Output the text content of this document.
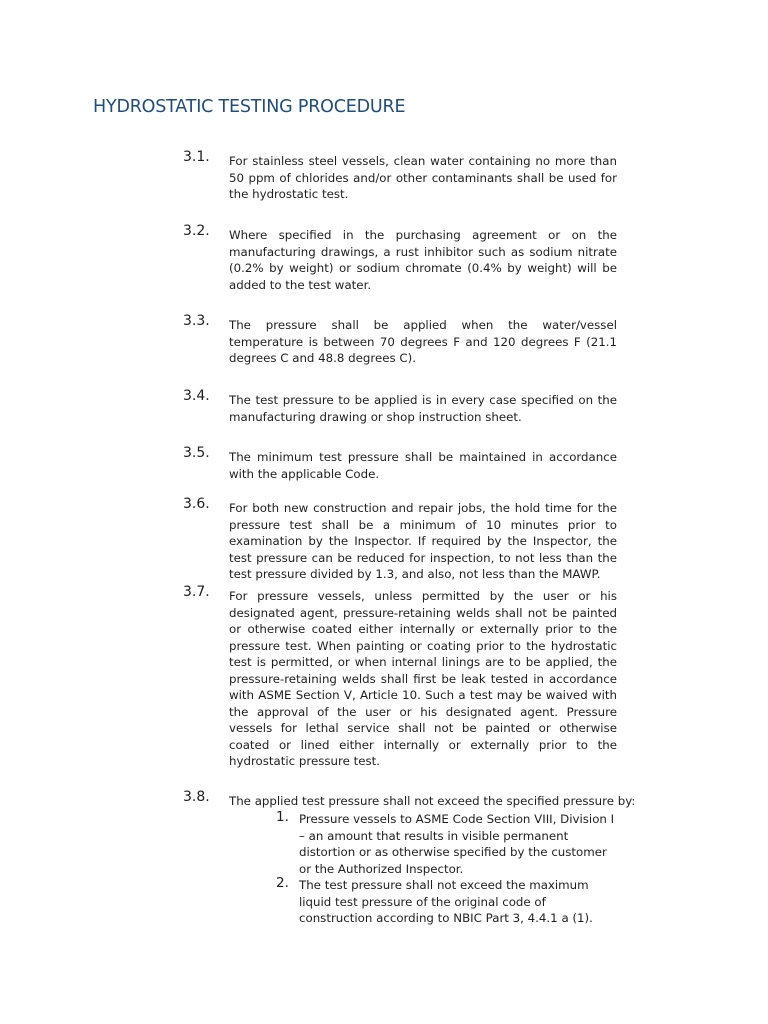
HYDROSTATIC TESTING PROCEDURE
3.1. For stainless steel vessels, clean water containing no more than 50 ppm of chlorides and/or other contaminants shall be used for the hydrostatic test.
3.2. Where specified in the purchasing agreement or on the manufacturing drawings, a rust inhibitor such as sodium nitrate (0.2% by weight) or sodium chromate (0.4% by weight) will be added to the test water.
3.3. The pressure shall be applied when the water/vessel temperature is between 70 degrees F and 120 degrees F (21.1 degrees C and 48.8 degrees C).
3.4. The test pressure to be applied is in every case specified on the manufacturing drawing or shop instruction sheet.
3.5. The minimum test pressure shall be maintained in accordance with the applicable Code.
3.6. For both new construction and repair jobs, the hold time for the pressure test shall be a minimum of 10 minutes prior to examination by the Inspector. If required by the Inspector, the test pressure can be reduced for inspection, to not less than the test pressure divided by 1.3, and also, not less than the MAWP.
3.7. For pressure vessels, unless permitted by the user or his designated agent, pressure-retaining welds shall not be painted or otherwise coated either internally or externally prior to the pressure test. When painting or coating prior to the hydrostatic test is permitted, or when internal linings are to be applied, the pressure-retaining welds shall first be leak tested in accordance with ASME Section V, Article 10. Such a test may be waived with the approval of the user or his designated agent. Pressure vessels for lethal service shall not be painted or otherwise coated or lined either internally or externally prior to the hydrostatic pressure test.
3.8. The applied test pressure shall not exceed the specified pressure by:
1. Pressure vessels to ASME Code Section VIII, Division I – an amount that results in visible permanent distortion or as otherwise specified by the customer or the Authorized Inspector.
2. The test pressure shall not exceed the maximum liquid test pressure of the original code of construction according to NBIC Part 3, 4.4.1 a (1).
